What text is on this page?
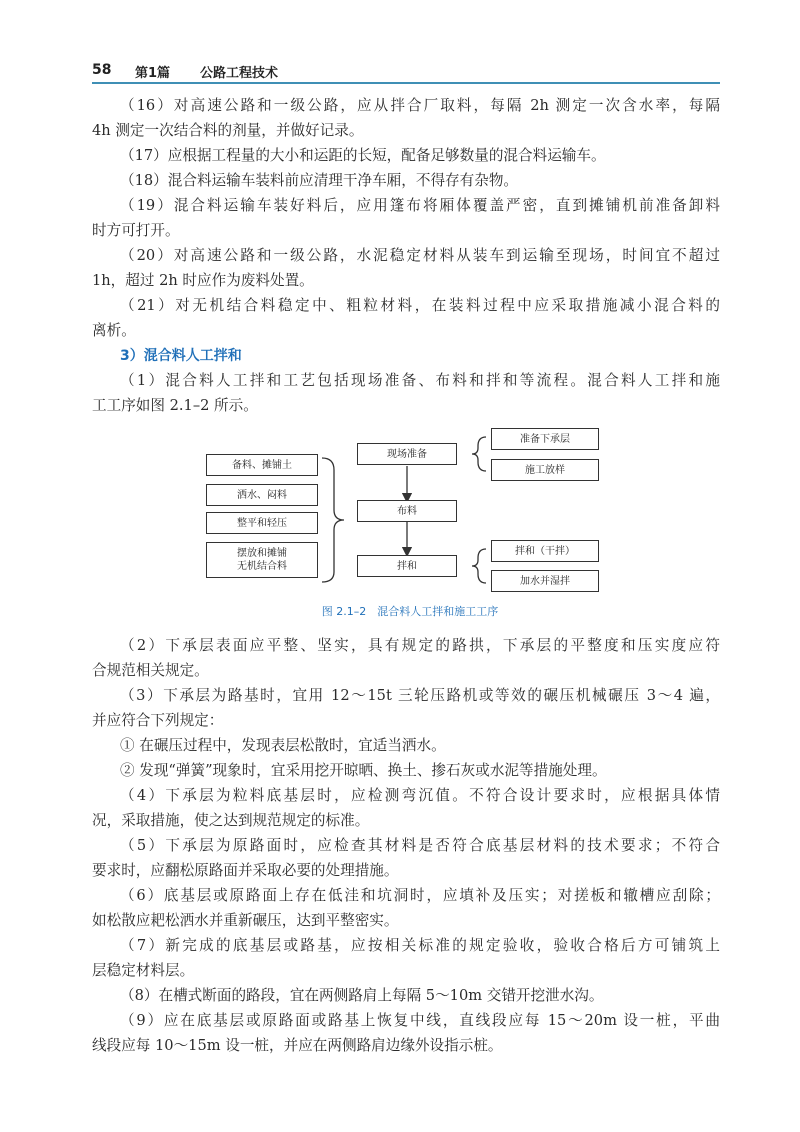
58 第1篇 公路工程技术
（16）对高速公路和一级公路，应从拌合厂取料，每隔 2h 测定一次含水率，每隔
4h 测定一次结合料的剂量，并做好记录。
（17）应根据工程量的大小和运距的长短，配备足够数量的混合料运输车。
（18）混合料运输车装料前应清理干净车厢，不得存有杂物。
（19）混合料运输车装好料后，应用篷布将厢体覆盖严密，直到摊铺机前准备卸料
时方可打开。
（20）对高速公路和一级公路，水泥稳定材料从装车到运输至现场，时间宜不超过
1h，超过 2h 时应作为废料处置。
（21）对无机结合料稳定中、粗粒材料，在装料过程中应采取措施减小混合料的
离析。
3）混合料人工拌和
（1）混合料人工拌和工艺包括现场准备、布料和拌和等流程。混合料人工拌和施
工工序如图 2.1–2 所示。
备料、摊铺土
洒水、闷料
整平和轻压
摆放和摊铺
无机结合料
现场准备
布料
拌和
准备下承层
施工放样
拌和（干拌）
加水并湿拌
图 2.1–2　混合料人工拌和施工工序
（2）下承层表面应平整、坚实，具有规定的路拱，下承层的平整度和压实度应符
合规范相关规定。
（3）下承层为路基时，宜用 12～15t 三轮压路机或等效的碾压机械碾压 3～4 遍，
并应符合下列规定：
① 在碾压过程中，发现表层松散时，宜适当洒水。
② 发现“弹簧”现象时，宜采用挖开晾晒、换土、掺石灰或水泥等措施处理。
（4）下承层为粒料底基层时，应检测弯沉值。不符合设计要求时，应根据具体情
况，采取措施，使之达到规范规定的标准。
（5）下承层为原路面时，应检查其材料是否符合底基层材料的技术要求；不符合
要求时，应翻松原路面并采取必要的处理措施。
（6）底基层或原路面上存在低洼和坑洞时，应填补及压实；对搓板和辙槽应刮除；
如松散应耙松洒水并重新碾压，达到平整密实。
（7）新完成的底基层或路基，应按相关标准的规定验收，验收合格后方可铺筑上
层稳定材料层。
（8）在槽式断面的路段，宜在两侧路肩上每隔 5～10m 交错开挖泄水沟。
（9）应在底基层或原路面或路基上恢复中线，直线段应每 15～20m 设一桩，平曲
线段应每 10～15m 设一桩，并应在两侧路肩边缘外设指示桩。
